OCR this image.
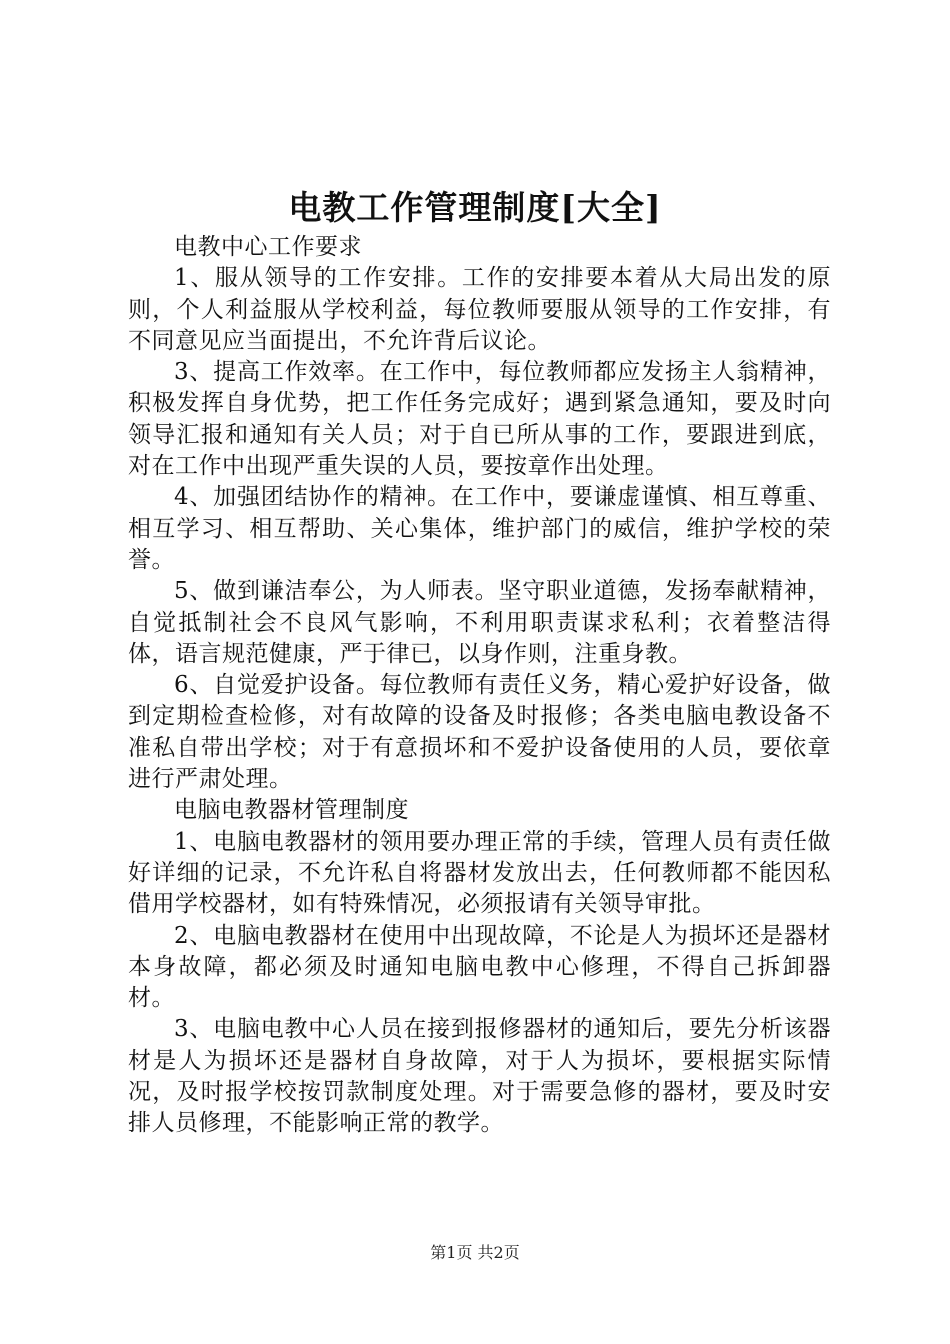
电教工作管理制度[大全]

电教中心工作要求

1、服从领导的工作安排。工作的安排要本着从大局出发的原则，个人利益服从学校利益，每位教师要服从领导的工作安排，有不同意见应当面提出，不允许背后议论。

3、提高工作效率。在工作中，每位教师都应发扬主人翁精神，积极发挥自身优势，把工作任务完成好；遇到紧急通知，要及时向领导汇报和通知有关人员；对于自已所从事的工作，要跟进到底，对在工作中出现严重失误的人员，要按章作出处理。

4、加强团结协作的精神。在工作中，要谦虚谨慎、相互尊重、相互学习、相互帮助、关心集体，维护部门的威信，维护学校的荣誉。

5、做到谦洁奉公，为人师表。坚守职业道德，发扬奉献精神，自觉抵制社会不良风气影响，不利用职责谋求私利；衣着整洁得体，语言规范健康，严于律已，以身作则，注重身教。

6、自觉爱护设备。每位教师有责任义务，精心爱护好设备，做到定期检查检修，对有故障的设备及时报修；各类电脑电教设备不准私自带出学校；对于有意损坏和不爱护设备使用的人员，要依章进行严肃处理。

电脑电教器材管理制度

1、电脑电教器材的领用要办理正常的手续，管理人员有责任做好详细的记录，不允许私自将器材发放出去，任何教师都不能因私借用学校器材，如有特殊情况，必须报请有关领导审批。

2、电脑电教器材在使用中出现故障，不论是人为损坏还是器材本身故障，都必须及时通知电脑电教中心修理，不得自己拆卸器材。

3、电脑电教中心人员在接到报修器材的通知后，要先分析该器材是人为损坏还是器材自身故障，对于人为损坏，要根据实际情况，及时报学校按罚款制度处理。对于需要急修的器材，要及时安排人员修理，不能影响正常的教学。

第1页 共2页
